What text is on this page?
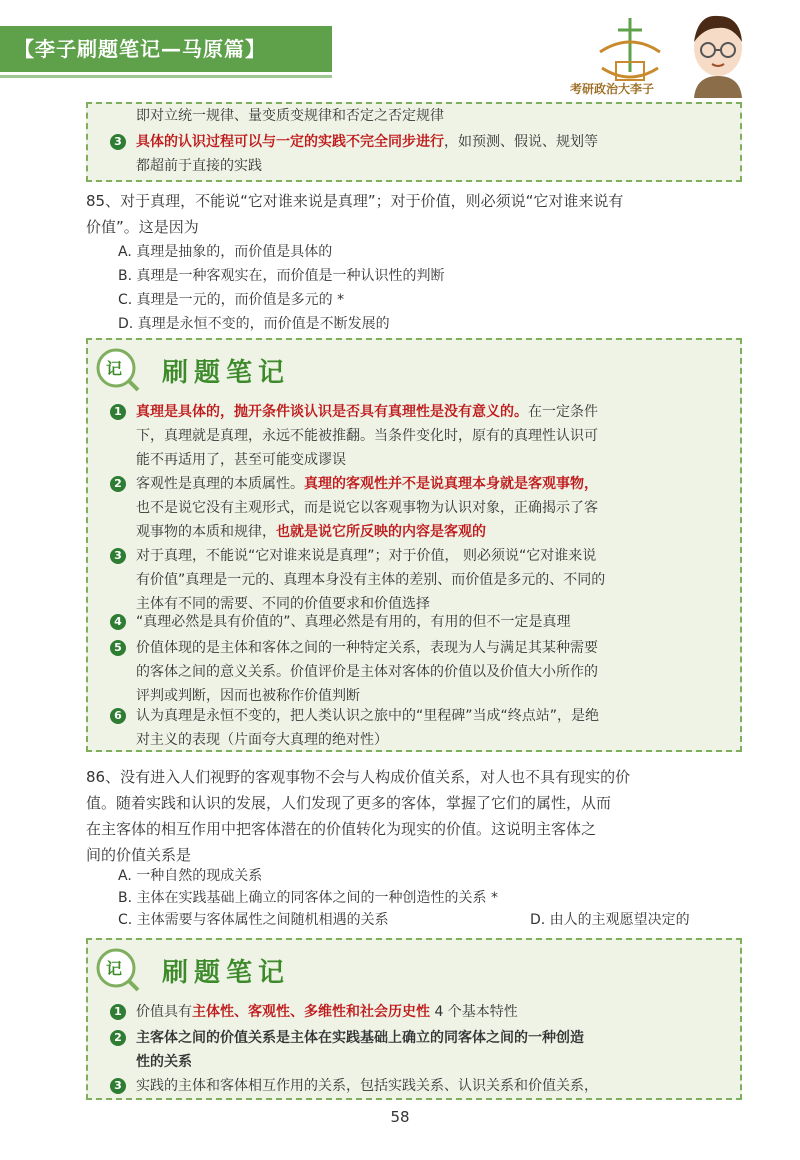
【李子刷题笔记—马原篇】
考研政治大李子
即对立统一规律、量变质变规律和否定之否定规律
3 具体的认识过程可以与一定的实践不完全同步进行，如预测、假说、规划等
都超前于直接的实践
85、对于真理，不能说“它对谁来说是真理”；对于价值，则必须说“它对谁来说有
价值”。这是因为
A. 真理是抽象的，而价值是具体的
B. 真理是一种客观实在，而价值是一种认识性的判断
C. 真理是一元的，而价值是多元的 *
D. 真理是永恒不变的，而价值是不断发展的
记 刷题笔记
1 真理是具体的，抛开条件谈认识是否具有真理性是没有意义的。在一定条件
下，真理就是真理，永远不能被推翻。当条件变化时，原有的真理性认识可
能不再适用了，甚至可能变成谬误
2 客观性是真理的本质属性。真理的客观性并不是说真理本身就是客观事物，
也不是说它没有主观形式，而是说它以客观事物为认识对象，正确揭示了客
观事物的本质和规律，也就是说它所反映的内容是客观的
3 对于真理，不能说“它对谁来说是真理”；对于价值， 则必须说“它对谁来说
有价值”真理是一元的、真理本身没有主体的差别、而价值是多元的、不同的
主体有不同的需要、不同的价值要求和价值选择
4 “真理必然是具有价值的”、真理必然是有用的，有用的但不一定是真理
5 价值体现的是主体和客体之间的一种特定关系，表现为人与满足其某种需要
的客体之间的意义关系。价值评价是主体对客体的价值以及价值大小所作的
评判或判断，因而也被称作价值判断
6 认为真理是永恒不变的，把人类认识之旅中的“里程碑”当成“终点站”，是绝
对主义的表现（片面夸大真理的绝对性）
86、没有进入人们视野的客观事物不会与人构成价值关系，对人也不具有现实的价
值。随着实践和认识的发展，人们发现了更多的客体，掌握了它们的属性，从而
在主客体的相互作用中把客体潜在的价值转化为现实的价值。这说明主客体之
间的价值关系是
A. 一种自然的现成关系
B. 主体在实践基础上确立的同客体之间的一种创造性的关系 *
C. 主体需要与客体属性之间随机相遇的关系	D. 由人的主观愿望决定的
记 刷题笔记
1 价值具有主体性、客观性、多维性和社会历史性 4 个基本特性
2 主客体之间的价值关系是主体在实践基础上确立的同客体之间的一种创造
性的关系
3 实践的主体和客体相互作用的关系，包括实践关系、认识关系和价值关系，
58
